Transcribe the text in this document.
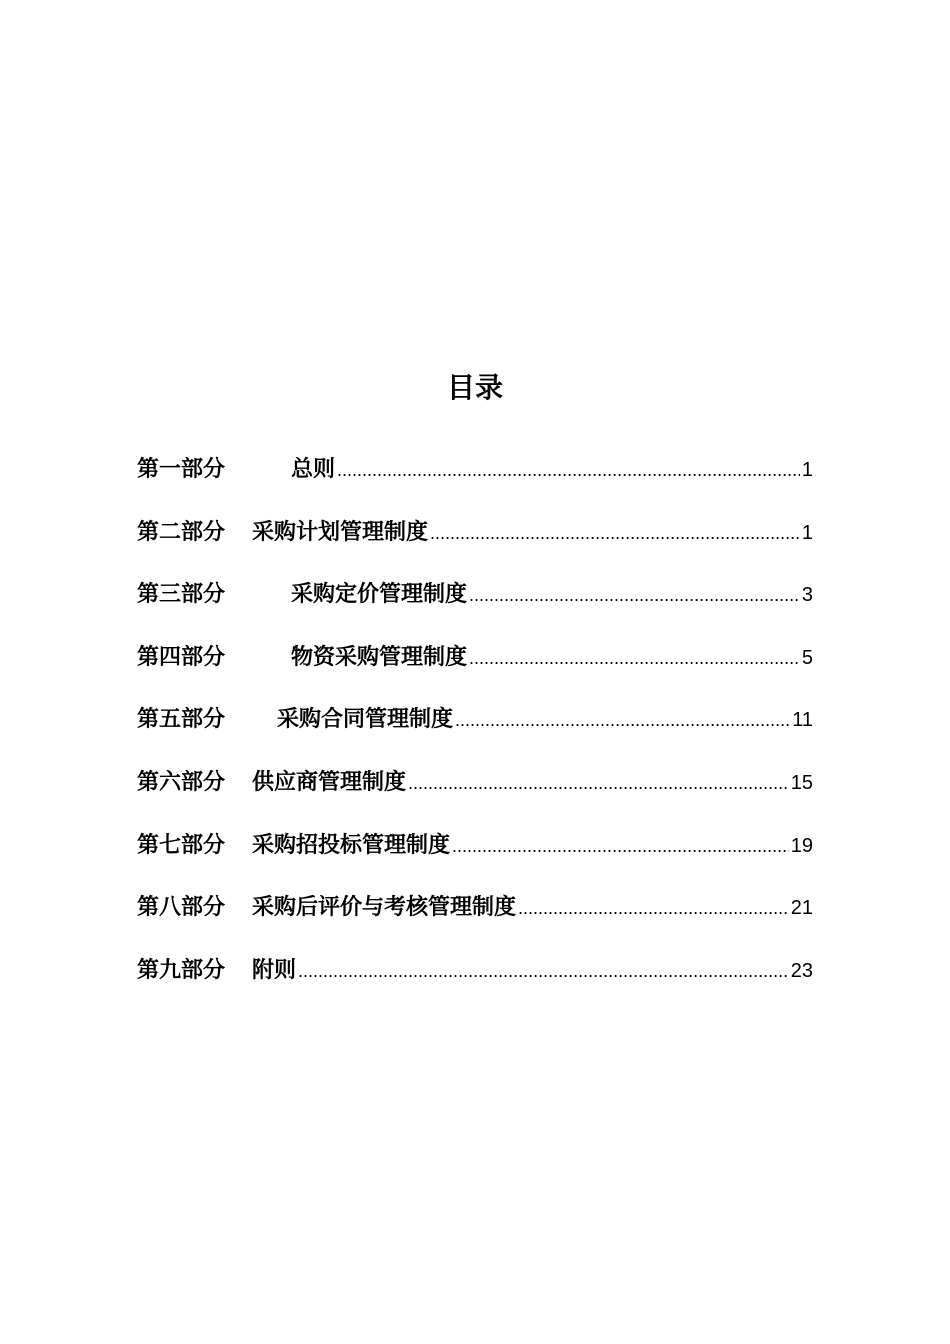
目录
第一部分	总则 .....	1
第二部分 采购计划管理制度 .....	1
第三部分	采购定价管理制度 .....	3
第四部分	物资采购管理制度 .....	5
第五部分 采购合同管理制度 .....	11
第六部分 供应商管理制度 .....	15
第七部分 采购招投标管理制度 .....	19
第八部分 采购后评价与考核管理制度 .....	21
第九部分 附则 .....	23
